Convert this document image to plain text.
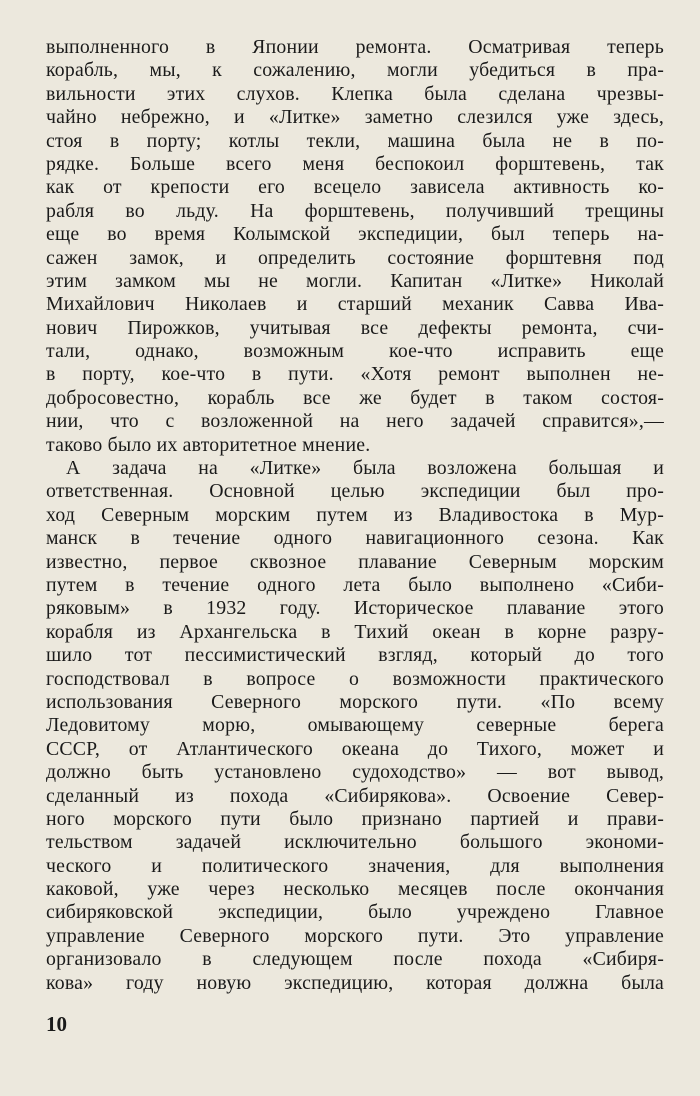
выполненного в Японии ремонта. Осматривая теперь
корабль, мы, к сожалению, могли убедиться в пра-
вильности этих слухов. Клепка была сделана чрезвы-
чайно небрежно, и «Литке» заметно слезился уже здесь,
стоя в порту; котлы текли, машина была не в по-
рядке. Больше всего меня беспокоил форштевень, так
как от крепости его всецело зависела активность ко-
рабля во льду. На форштевень, получивший трещины
еще во время Колымской экспедиции, был теперь на-
сажен замок, и определить состояние форштевня под
этим замком мы не могли. Капитан «Литке» Николай
Михайлович Николаев и старший механик Савва Ива-
нович Пирожков, учитывая все дефекты ремонта, счи-
тали, однако, возможным кое-что исправить еще
в порту, кое-что в пути. «Хотя ремонт выполнен не-
добросовестно, корабль все же будет в таком состоя-
нии, что с возложенной на него задачей справится»,—
таково было их авторитетное мнение.
А задача на «Литке» была возложена большая и
ответственная. Основной целью экспедиции был про-
ход Северным морским путем из Владивостока в Мур-
манск в течение одного навигационного сезона. Как
известно, первое сквозное плавание Северным морским
путем в течение одного лета было выполнено «Сиби-
ряковым» в 1932 году. Историческое плавание этого
корабля из Архангельска в Тихий океан в корне разру-
шило тот пессимистический взгляд, который до того
господствовал в вопросе о возможности практического
использования Северного морского пути. «По всему
Ледовитому морю, омывающему северные берега
СССР, от Атлантического океана до Тихого, может и
должно быть установлено судоходство» — вот вывод,
сделанный из похода «Сибирякова». Освоение Север-
ного морского пути было признано партией и прави-
тельством задачей исключительно большого экономи-
ческого и политического значения, для выполнения
каковой, уже через несколько месяцев после окончания
сибиряковской экспедиции, было учреждено Главное
управление Северного морского пути. Это управление
организовало в следующем после похода «Сибиря-
кова» году новую экспедицию, которая должна была
10
